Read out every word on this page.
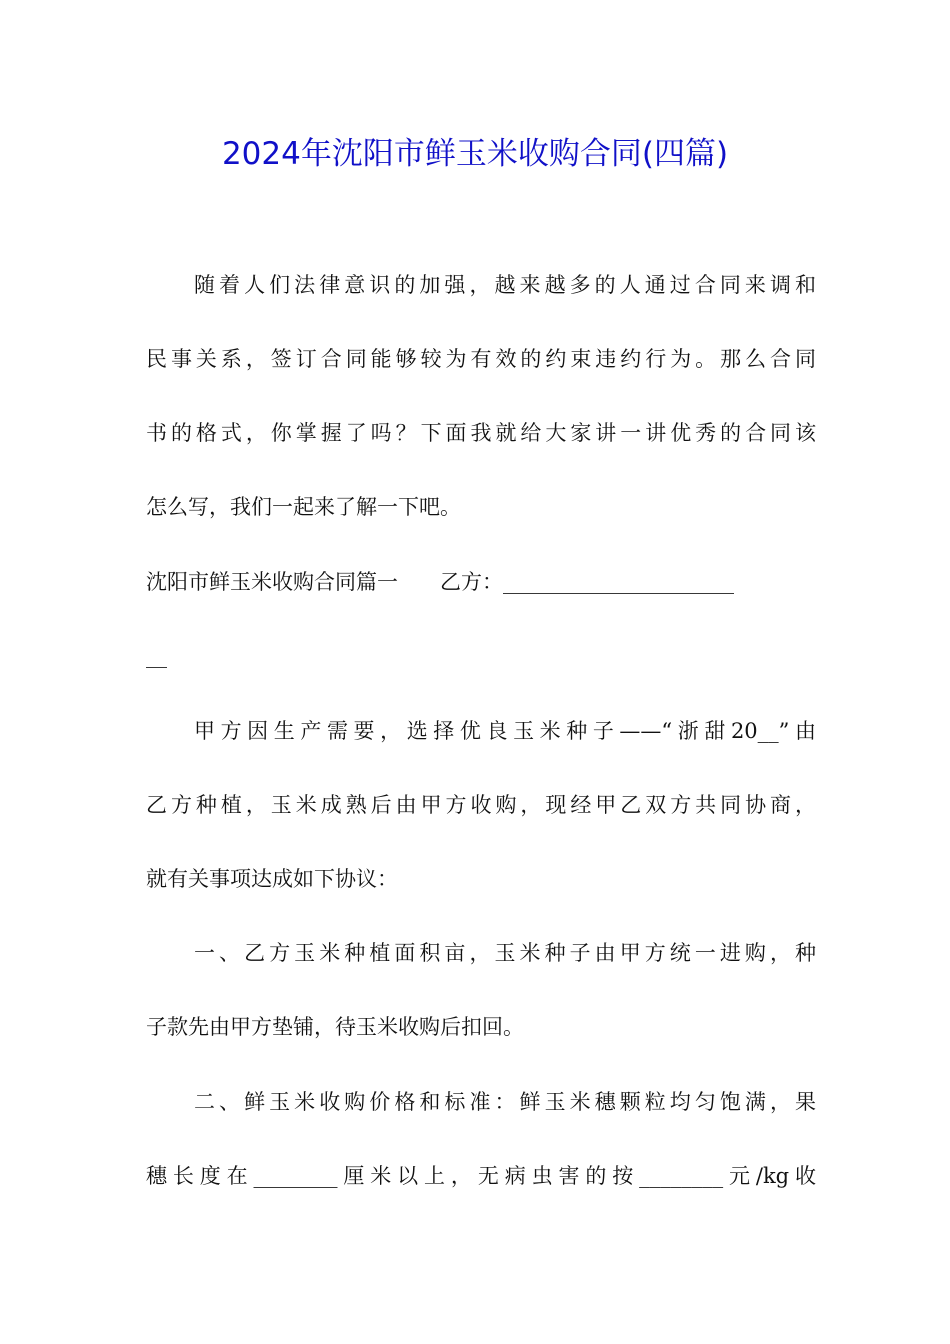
2024年沈阳市鲜玉米收购合同(四篇)
随着人们法律意识的加强，越来越多的人通过合同来调和
民事关系，签订合同能够较为有效的约束违约行为。那么合同
书的格式，你掌握了吗？下面我就给大家讲一讲优秀的合同该
怎么写，我们一起来了解一下吧。
沈阳市鲜玉米收购合同篇一　　乙方：______________________
__
甲方因生产需要，选择优良玉米种子——“浙甜20__”由
乙方种植，玉米成熟后由甲方收购，现经甲乙双方共同协商，
就有关事项达成如下协议：
一、乙方玉米种植面积亩，玉米种子由甲方统一进购，种
子款先由甲方垫铺，待玉米收购后扣回。
二、鲜玉米收购价格和标准：鲜玉米穗颗粒均匀饱满，果
穗长度在________厘米以上，无病虫害的按________元/kg收
